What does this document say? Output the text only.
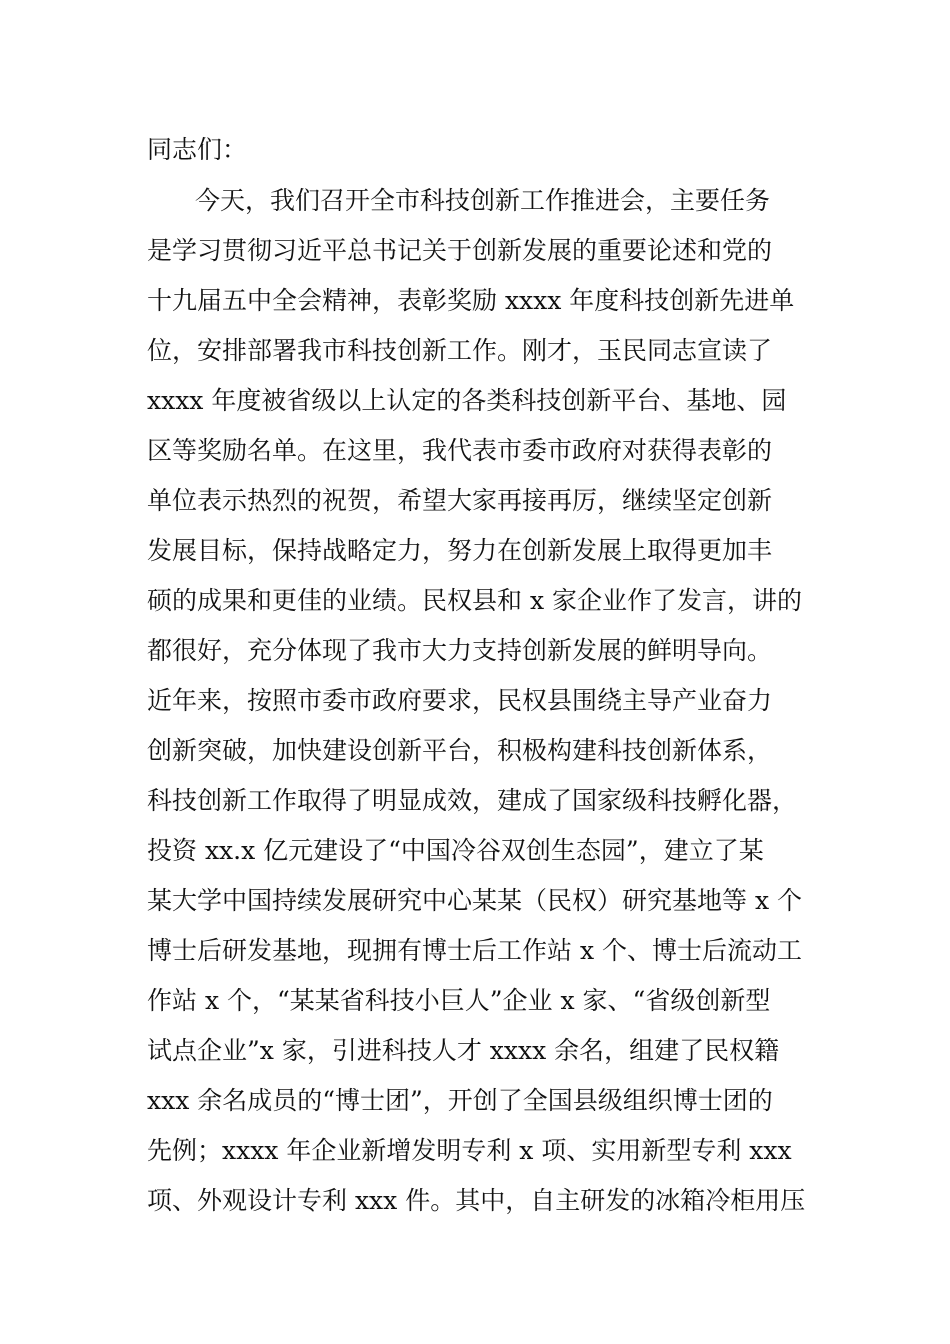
同志们：
今天，我们召开全市科技创新工作推进会，主要任务
是学习贯彻习近平总书记关于创新发展的重要论述和党的
十九届五中全会精神，表彰奖励 xxxx 年度科技创新先进单
位，安排部署我市科技创新工作。刚才，玉民同志宣读了
xxxx 年度被省级以上认定的各类科技创新平台、基地、园
区等奖励名单。在这里，我代表市委市政府对获得表彰的
单位表示热烈的祝贺，希望大家再接再厉，继续坚定创新
发展目标，保持战略定力，努力在创新发展上取得更加丰
硕的成果和更佳的业绩。民权县和 x 家企业作了发言，讲的
都很好，充分体现了我市大力支持创新发展的鲜明导向。
近年来，按照市委市政府要求，民权县围绕主导产业奋力
创新突破，加快建设创新平台，积极构建科技创新体系，
科技创新工作取得了明显成效，建成了国家级科技孵化器，
投资 xx.x 亿元建设了“中国冷谷双创生态园”，建立了某
某大学中国持续发展研究中心某某（民权）研究基地等 x 个
博士后研发基地，现拥有博士后工作站 x 个、博士后流动工
作站 x 个，“某某省科技小巨人”企业 x 家、“省级创新型
试点企业”x 家，引进科技人才 xxxx 余名，组建了民权籍
xxx 余名成员的“博士团”，开创了全国县级组织博士团的
先例；xxxx 年企业新增发明专利 x 项、实用新型专利 xxx
项、外观设计专利 xxx 件。其中，自主研发的冰箱冷柜用压
